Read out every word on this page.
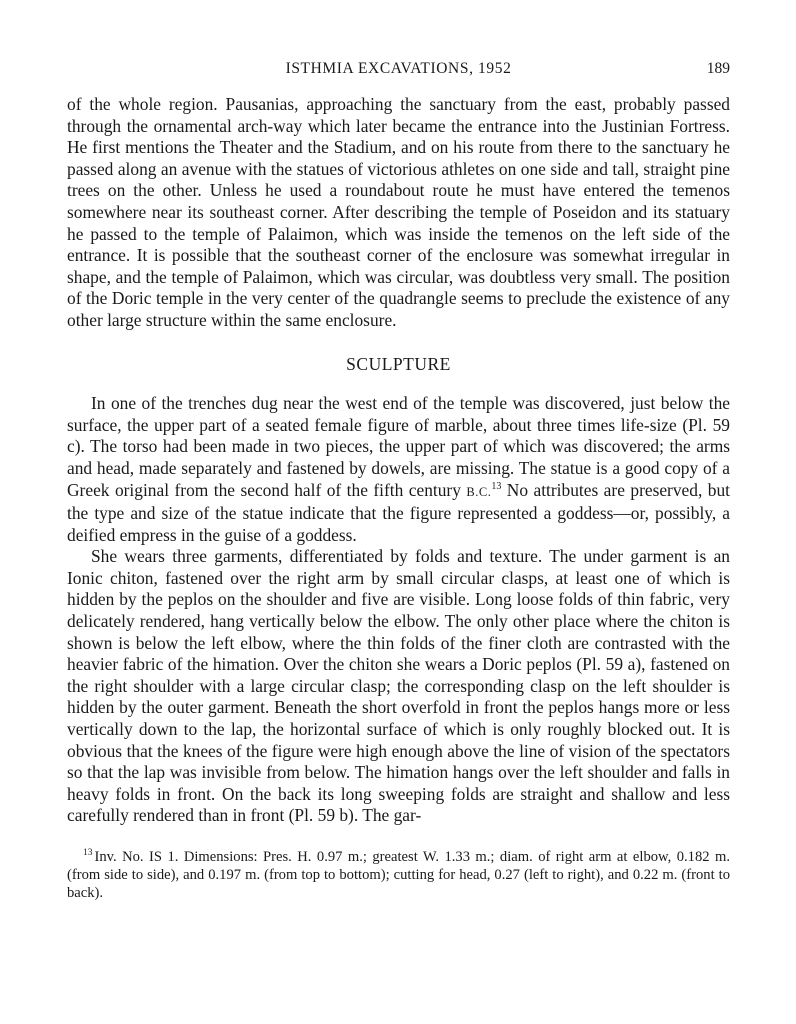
ISTHMIA EXCAVATIONS, 1952	189

of the whole region. Pausanias, approaching the sanctuary from the east, probably passed through the ornamental arch-way which later became the entrance into the Justinian Fortress. He first mentions the Theater and the Stadium, and on his route from there to the sanctuary he passed along an avenue with the statues of victorious athletes on one side and tall, straight pine trees on the other. Unless he used a roundabout route he must have entered the temenos somewhere near its southeast corner. After describing the temple of Poseidon and its statuary he passed to the temple of Palaimon, which was inside the temenos on the left side of the entrance. It is possible that the southeast corner of the enclosure was somewhat irregular in shape, and the temple of Palaimon, which was circular, was doubtless very small. The position of the Doric temple in the very center of the quadrangle seems to preclude the existence of any other large structure within the same enclosure.

SCULPTURE

In one of the trenches dug near the west end of the temple was discovered, just below the surface, the upper part of a seated female figure of marble, about three times life-size (Pl. 59 c). The torso had been made in two pieces, the upper part of which was discovered; the arms and head, made separately and fastened by dowels, are missing. The statue is a good copy of a Greek original from the second half of the fifth century B.C.$^{13}$ No attributes are preserved, but the type and size of the statue indicate that the figure represented a goddess—or, possibly, a deified empress in the guise of a goddess.

She wears three garments, differentiated by folds and texture. The under garment is an Ionic chiton, fastened over the right arm by small circular clasps, at least one of which is hidden by the peplos on the shoulder and five are visible. Long loose folds of thin fabric, very delicately rendered, hang vertically below the elbow. The only other place where the chiton is shown is below the left elbow, where the thin folds of the finer cloth are contrasted with the heavier fabric of the himation. Over the chiton she wears a Doric peplos (Pl. 59 a), fastened on the right shoulder with a large circular clasp; the corresponding clasp on the left shoulder is hidden by the outer garment. Beneath the short overfold in front the peplos hangs more or less vertically down to the lap, the horizontal surface of which is only roughly blocked out. It is obvious that the knees of the figure were high enough above the line of vision of the spectators so that the lap was invisible from below. The himation hangs over the left shoulder and falls in heavy folds in front. On the back its long sweeping folds are straight and shallow and less carefully rendered than in front (Pl. 59 b). The gar-

$^{13}$ Inv. No. IS 1. Dimensions: Pres. H. 0.97 m.; greatest W. 1.33 m.; diam. of right arm at elbow, 0.182 m. (from side to side), and 0.197 m. (from top to bottom); cutting for head, 0.27 (left to right), and 0.22 m. (front to back).
